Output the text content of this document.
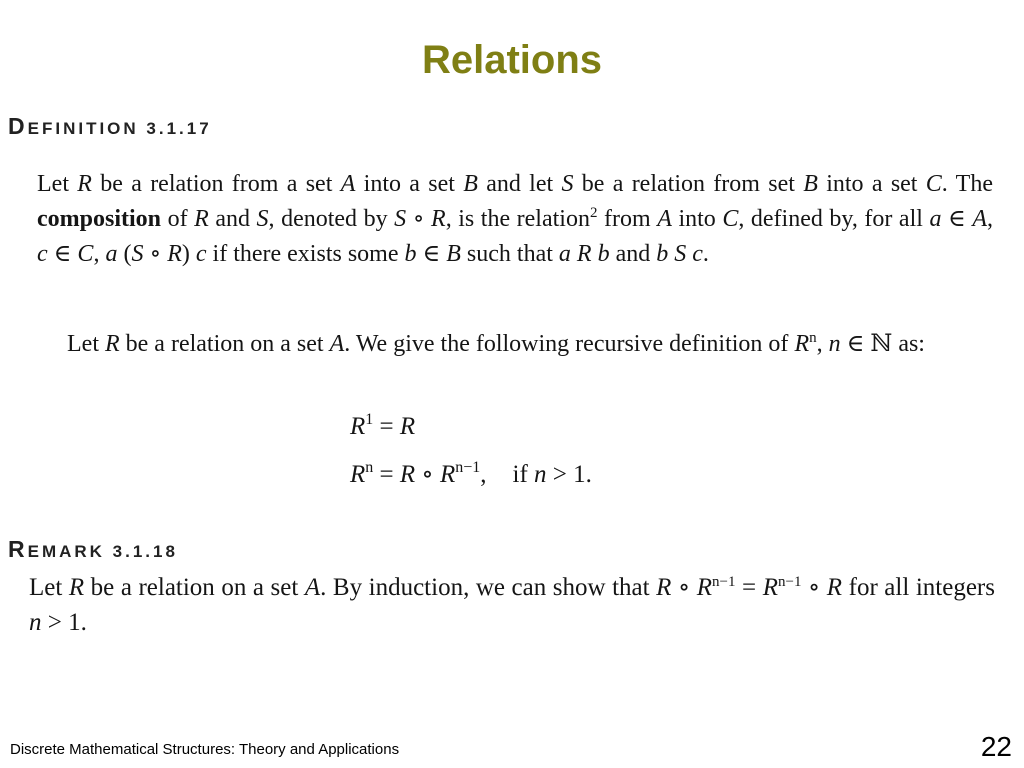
Relations
DEFINITION 3.1.17
Let R be a relation from a set A into a set B and let S be a relation from set B into a set C. The composition of R and S, denoted by S ∘ R, is the relation$^2$ from A into C, defined by, for all a ∈ A, c ∈ C, a (S ∘ R) c if there exists some b ∈ B such that a R b and b S c.
Let R be a relation on a set A. We give the following recursive definition of $R^n$, n ∈ ℕ as:
$R^1 = R$
$R^n = R$ ∘ $R^{n-1}$, if n > 1.
REMARK 3.1.18
Let R be a relation on a set A. By induction, we can show that R ∘ $R^{n-1} = R^{n-1}$ ∘ R for all integers n > 1.
Discrete Mathematical Structures: Theory and Applications	22
